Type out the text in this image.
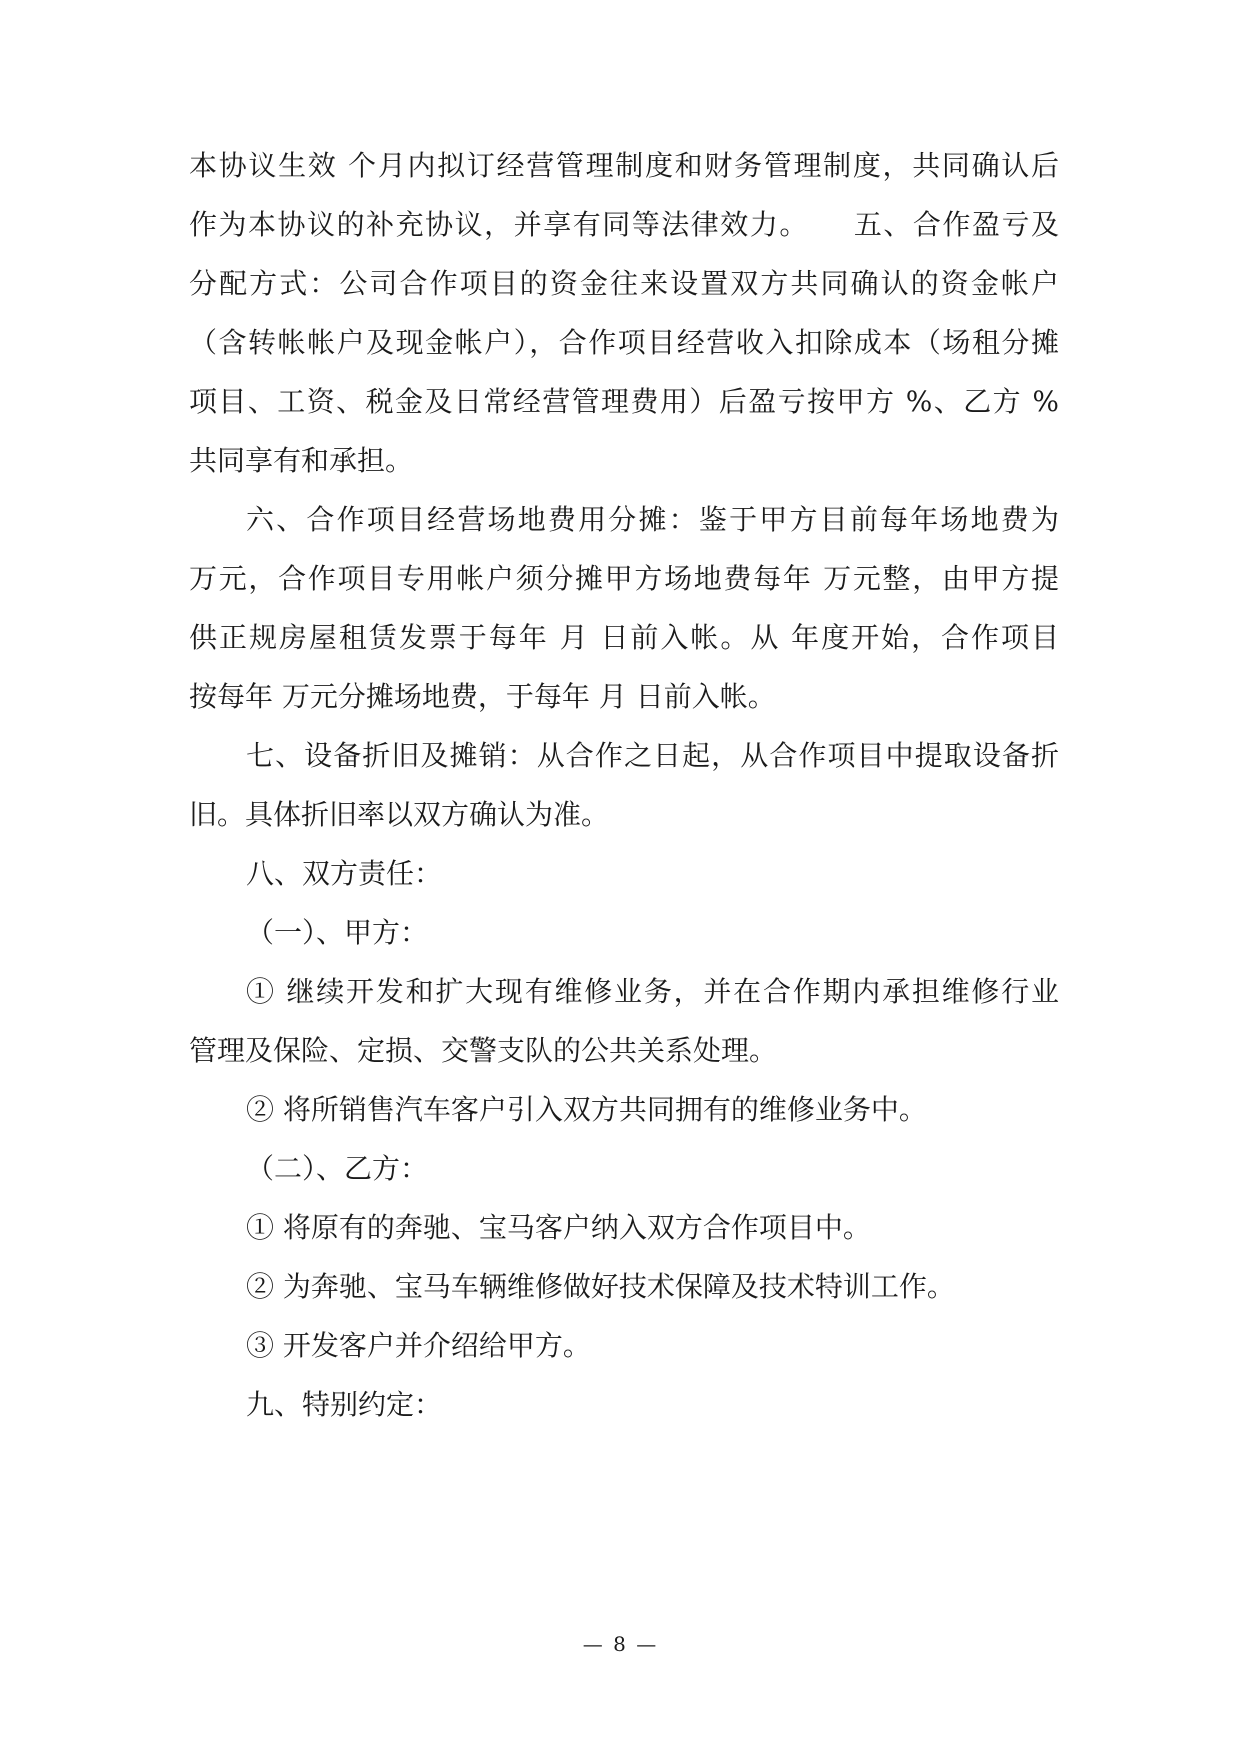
本协议生效 个月内拟订经营管理制度和财务管理制度，共同确认后
作为本协议的补充协议，并享有同等法律效力。　　五、合作盈亏及
分配方式：公司合作项目的资金往来设置双方共同确认的资金帐户
（含转帐帐户及现金帐户），合作项目经营收入扣除成本（场租分摊
项目、工资、税金及日常经营管理费用）后盈亏按甲方 %、乙方 %
共同享有和承担。
六、合作项目经营场地费用分摊：鉴于甲方目前每年场地费为
万元，合作项目专用帐户须分摊甲方场地费每年 万元整，由甲方提
供正规房屋租赁发票于每年 月 日前入帐。从 年度开始，合作项目
按每年 万元分摊场地费，于每年 月 日前入帐。
七、设备折旧及摊销：从合作之日起，从合作项目中提取设备折
旧。具体折旧率以双方确认为准。
八、双方责任：
（一）、甲方：
① 继续开发和扩大现有维修业务，并在合作期内承担维修行业
管理及保险、定损、交警支队的公共关系处理。
② 将所销售汽车客户引入双方共同拥有的维修业务中。
（二）、乙方：
① 将原有的奔驰、宝马客户纳入双方合作项目中。
② 为奔驰、宝马车辆维修做好技术保障及技术特训工作。
③ 开发客户并介绍给甲方。
九、特别约定：
— 8 —
